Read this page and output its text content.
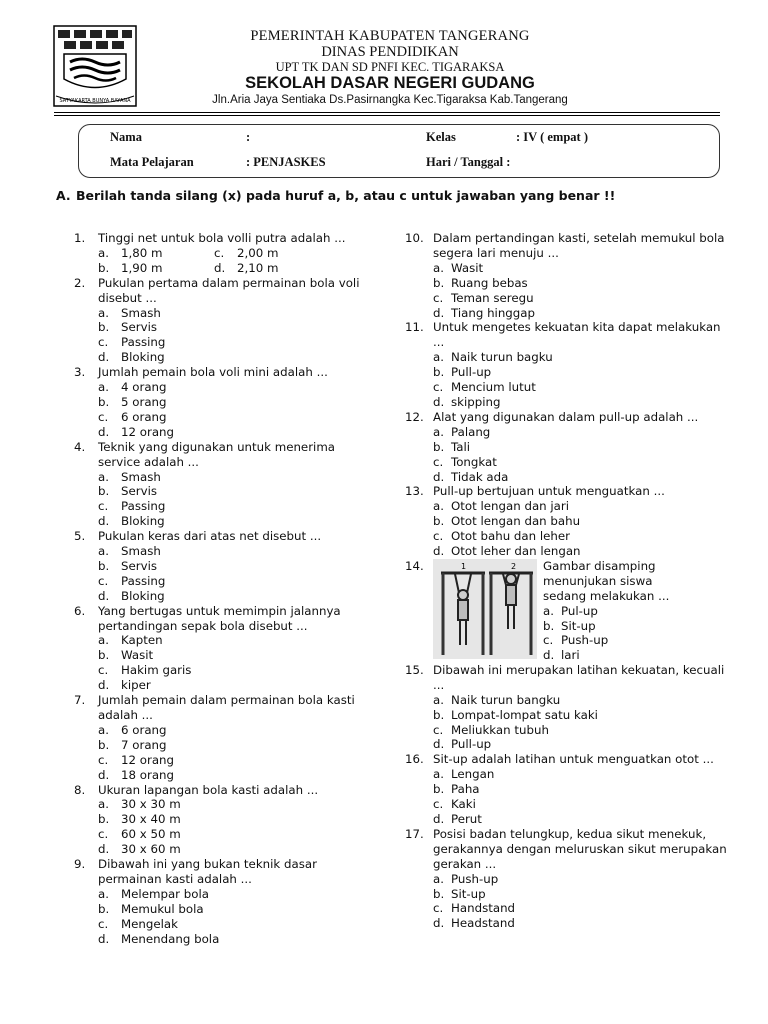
SATYAKARTA BUNYA BAYANA
PEMERINTAH KABUPATEN TANGERANG
DINAS PENDIDIKAN
UPT TK DAN SD PNFI KEC. TIGARAKSA
SEKOLAH DASAR NEGERI GUDANG
Jln.Aria Jaya Sentiaka Ds.Pasirnangka Kec.Tigaraksa Kab.Tangerang
Nama	:	Kelas	: IV ( empat )
Mata Pelajaran	: PENJASKES	Hari / Tanggal :
A. Berilah tanda silang (x) pada huruf a, b, atau c untuk jawaban yang benar !!
1.	Tinggi net untuk bola volli putra adalah ...
a.	1,80 m	c.	2,00 m
b. 1,90 m	d. 2,10 m
2.	Pukulan pertama dalam permainan bola voli disebut ...
a.	Smash
b. Servis
c.	Passing
d. Bloking
3.	Jumlah pemain bola voli mini adalah ...
a.	4 orang
b. 5 orang
c.	6 orang
d. 12 orang
4.	Teknik yang digunakan untuk menerima service adalah ...
a.	Smash
b. Servis
c.	Passing
d. Bloking
5.	Pukulan keras dari atas net disebut ...
a.	Smash
b. Servis
c.	Passing
d. Bloking
6.	Yang bertugas untuk memimpin jalannya pertandingan sepak bola disebut ...
a.	Kapten
b. Wasit
c.	Hakim garis
d. kiper
7.	Jumlah pemain dalam permainan bola kasti adalah ...
a.	6 orang
b. 7 orang
c.	12 orang
d. 18 orang
8.	Ukuran lapangan bola kasti adalah ...
a.	30 x 30 m
b. 30 x 40 m
c.	60 x 50 m
d. 30 x 60 m
9.	Dibawah ini yang bukan teknik dasar permainan kasti adalah ...
a.	Melempar bola
b. Memukul bola
c.	Mengelak
d. Menendang bola
10. Dalam pertandingan kasti, setelah memukul bola segera lari menuju ...
a. Wasit
b. Ruang bebas
c. Teman seregu
d. Tiang hinggap
11. Untuk mengetes kekuatan kita dapat melakukan ...
a. Naik turun bagku
b. Pull-up
c. Mencium lutut
d. skipping
12. Alat yang digunakan dalam pull-up adalah ...
a. Palang
b. Tali
c. Tongkat
d. Tidak ada
13. Pull-up bertujuan untuk menguatkan ...
a. Otot lengan dan jari
b. Otot lengan dan bahu
c. Otot bahu dan leher
d. Otot leher dan lengan
14.	1	2 Gambar disamping
menunjukan siswa
sedang melakukan ...
a. Pul-up
b. Sit-up
c. Push-up
d. lari
15. Dibawah ini merupakan latihan kekuatan, kecuali ...
a. Naik turun bangku
b. Lompat-lompat satu kaki
c. Meliukkan tubuh
d. Pull-up
16. Sit-up adalah latihan untuk menguatkan otot ...
a. Lengan
b. Paha
c. Kaki
d. Perut
17. Posisi badan telungkup, kedua sikut menekuk, gerakannya dengan meluruskan sikut merupakan gerakan ...
a. Push-up
b. Sit-up
c. Handstand
d. Headstand
